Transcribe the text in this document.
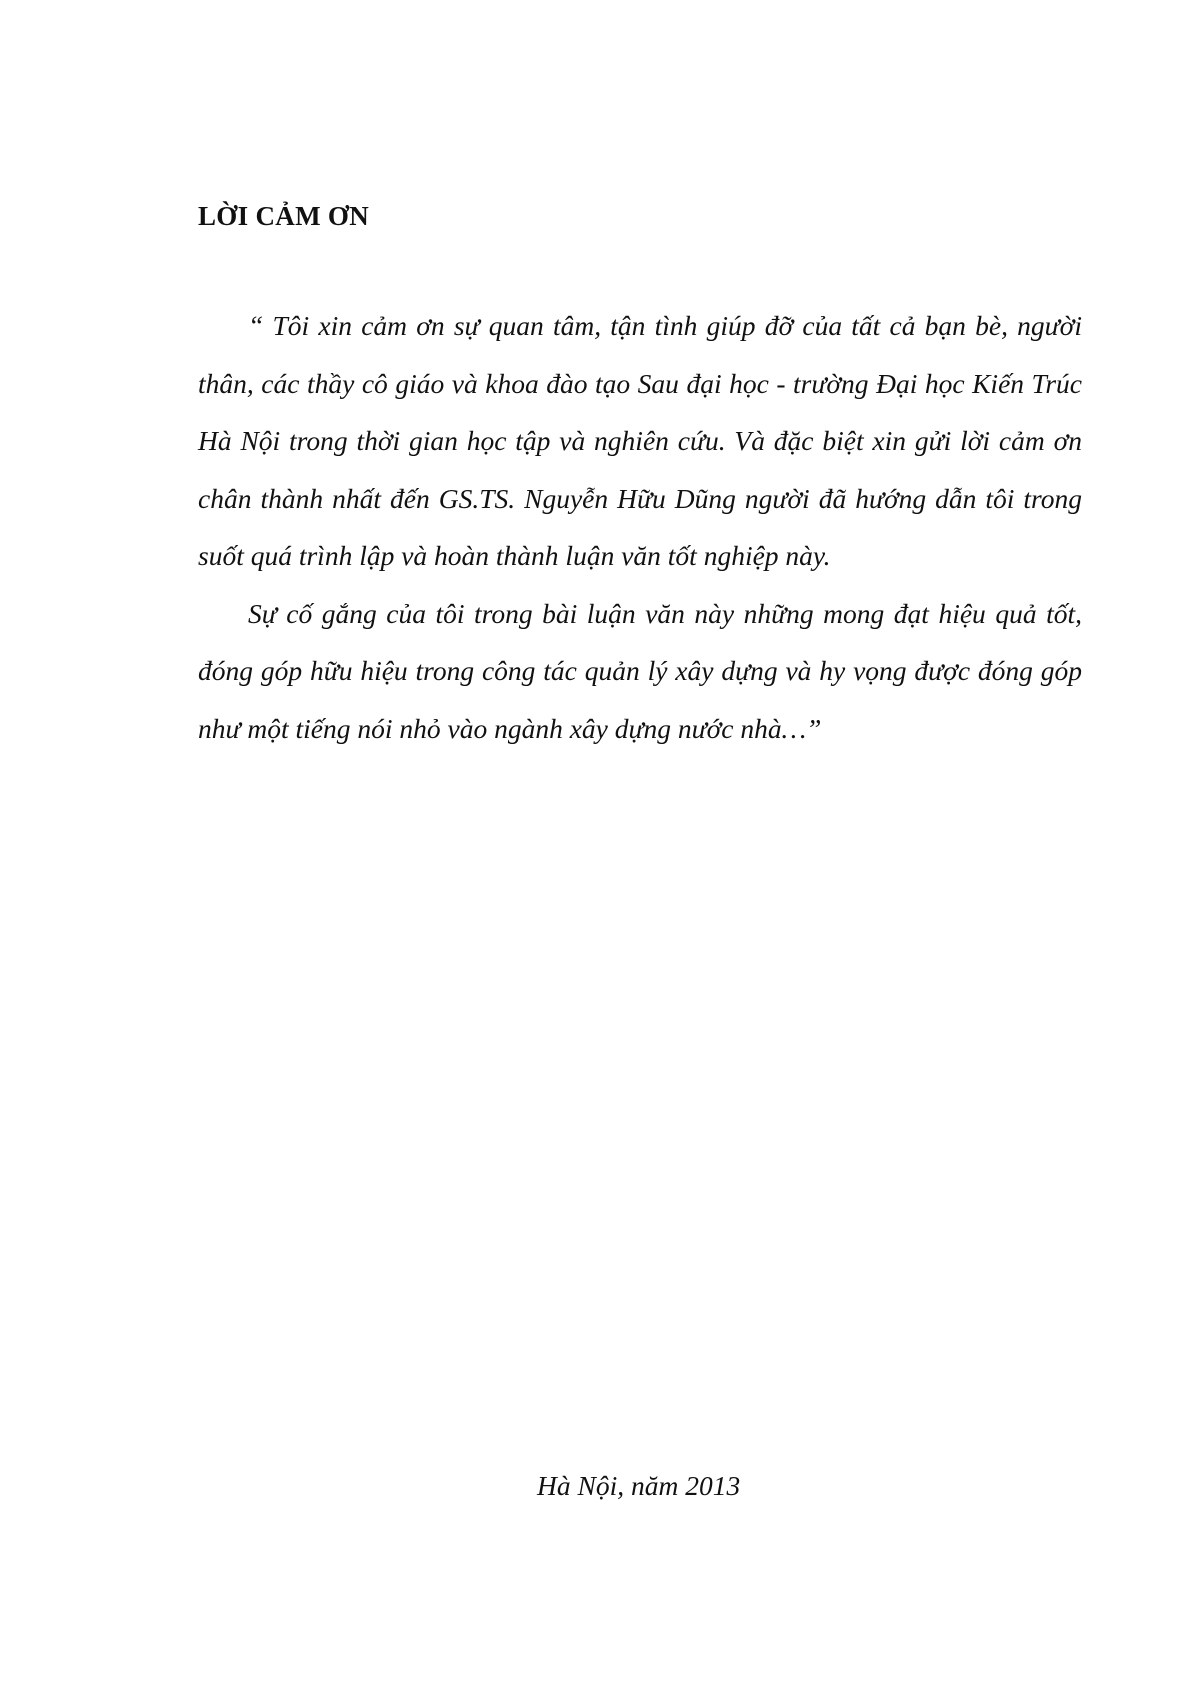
LỜI CẢM ƠN

“ Tôi xin cảm ơn sự quan tâm, tận tình giúp đỡ của tất cả bạn bè, người thân, các thầy cô giáo và khoa đào tạo Sau đại học - trường Đại học Kiến Trúc Hà Nội trong thời gian học tập và nghiên cứu. Và đặc biệt xin gửi lời cảm ơn chân thành nhất đến GS.TS. Nguyễn Hữu Dũng người đã hướng dẫn tôi trong suốt quá trình lập và hoàn thành luận văn tốt nghiệp này.

Sự cố gắng của tôi trong bài luận văn này những mong đạt hiệu quả tốt, đóng góp hữu hiệu trong công tác quản lý xây dựng và hy vọng được đóng góp như một tiếng nói nhỏ vào ngành xây dựng nước nhà…”

Hà Nội, năm 2013
